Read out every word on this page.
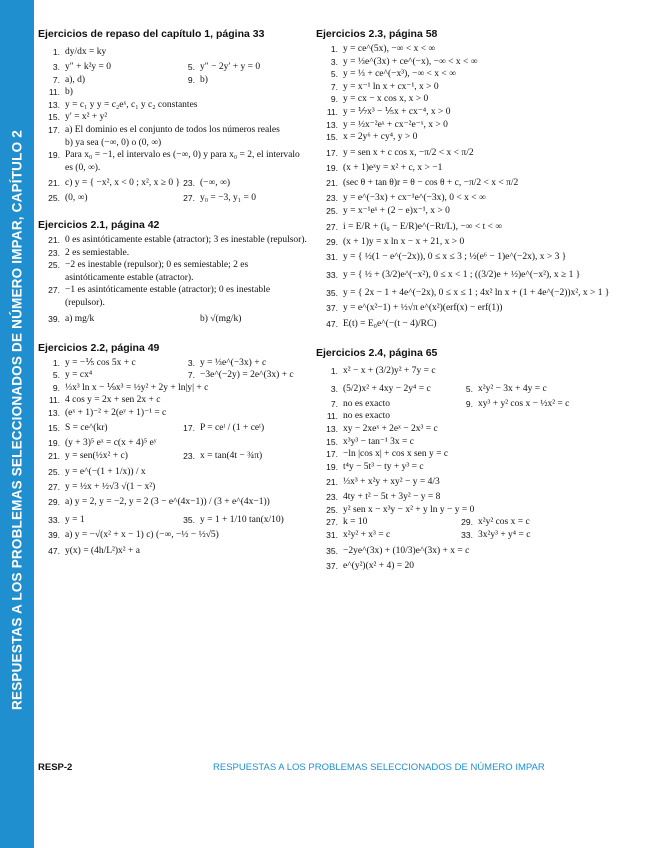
RESPUESTAS A LOS PROBLEMAS SELECCIONADOS DE NÚMERO IMPAR, CAPÍTULO 2
Ejercicios de repaso del capítulo 1, página 33
1. dy/dx = ky
3. y″ + k²y = 0	5. y″ − 2y′ + y = 0
7. a), d)	9. b)
11. b)
13. y = c₁ y y = c₂eˣ, c₁ y c₂ constantes
15. y′ = x² + y²
17. a) El dominio es el conjunto de todos los números reales
b) ya sea (−∞, 0) o (0, ∞)
19. Para x₀ = −1, el intervalo es (−∞, 0) y para x₀ = 2, el intervalo es (0, ∞).
21. c) y = { −x², x < 0 ; x², x ≥ 0 } 23. (−∞, ∞)
25. (0, ∞)	27. y₀ = −3, y₁ = 0
Ejercicios 2.1, página 42
21. 0 es asintóticamente estable (atractor); 3 es inestable (repulsor).
23. 2 es semiestable.
25. −2 es inestable (repulsor); 0 es semiestable; 2 es asintóticamente estable (atractor).
27. −1 es asintóticamente estable (atractor); 0 es inestable (repulsor).
39. a) mg/k	b) √(mg/k)
Ejercicios 2.2, página 49
1. y = −⅕ cos 5x + c	3. y = ⅓e^(−3x) + c
5. y = cx⁴	7. −3e^(−2y) = 2e^(3x) + c
9. ⅓x³ ln x − ⅑x³ = ½y² + 2y + ln|y| + c
11. 4 cos y = 2x + sen 2x + c
13. (eˣ + 1)⁻² + 2(eʸ + 1)⁻¹ = c
15. S = ce^(kr)	17. P = ceᵗ / (1 + ceᵗ)
19. (y + 3)⁵ eˣ = c(x + 4)⁵ eʸ
21. y = sen(½x² + c)	23. x = tan(4t − ¾π)
25. y = e^(−(1 + 1/x)) / x
27. y = ½x + ½√3 √(1 − x²)
29. a) y = 2, y = −2, y = 2 (3 − e^(4x−1)) / (3 + e^(4x−1))
33. y = 1	35. y = 1 + 1/10 tan(x/10)
39. a) y = −√(x² + x − 1) c) (−∞, −½ − ½√5)
47. y(x) = (4h/L²)x² + a
Ejercicios 2.3, página 58
1. y = ce^(5x), −∞ < x < ∞
3. y = ⅓e^(3x) + ce^(−x), −∞ < x < ∞
5. y = ⅓ + ce^(−x³), −∞ < x < ∞
7. y = x⁻¹ ln x + cx⁻¹, x > 0
9. y = cx − x cos x, x > 0
11. y = ⅐x³ − ⅕x + cx⁻⁴, x > 0
13. y = ½x⁻²eˣ + cx⁻²e⁻ˣ, x > 0
15. x = 2y⁶ + cy⁴, y > 0
17. y = sen x + c cos x, −π/2 < x < π/2
19. (x + 1)eˣy = x² + c, x > −1
21. (sec θ + tan θ)r = θ − cos θ + c, −π/2 < x < π/2
23. y = e^(−3x) + cx⁻¹e^(−3x), 0 < x < ∞
25. y = x⁻¹eˣ + (2 − e)x⁻¹, x > 0
27. i = E/R + (i₀ − E/R)e^(−Rt/L), −∞ < t < ∞
29. (x + 1)y = x ln x − x + 21, x > 0
31. y = { ½(1 − e^(−2x)), 0 ≤ x ≤ 3 ; ½(e⁶ − 1)e^(−2x), x > 3 }
33. y = { ½ + (3/2)e^(−x²), 0 ≤ x < 1 ; ((3/2)e + ½)e^(−x²), x ≥ 1 }
35. y = { 2x − 1 + 4e^(−2x), 0 ≤ x ≤ 1 ; 4x² ln x + (1 + 4e^(−2))x², x > 1 }
37. y = e^(x²−1) + ½√π e^(x²)(erf(x) − erf(1))
47. E(t) = E₀e^(−(t − 4)/RC)
Ejercicios 2.4, página 65
1. x² − x + (3/2)y² + 7y = c
3. (5/2)x² + 4xy − 2y⁴ = c	5. x²y² − 3x + 4y = c
7. no es exacto	9. xy³ + y² cos x − ½x² = c
11. no es exacto
13. xy − 2xeˣ + 2eˣ − 2x³ = c
15. x³y³ − tan⁻¹ 3x = c
17. −ln |cos x| + cos x sen y = c
19. t⁴y − 5t³ − ty + y³ = c
21. ⅓x³ + x²y + xy² − y = 4/3
23. 4ty + t² − 5t + 3y² − y = 8
25. y² sen x − x³y − x² + y ln y − y = 0
27. k = 10	29. x²y² cos x = c
31. x²y² + x³ = c	33. 3x²y³ + y⁴ = c
35. −2ye^(3x) + (10/3)e^(3x) + x = c
37. e^(y²)(x² + 4) = 20
RESP-2	RESPUESTAS A LOS PROBLEMAS SELECCIONADOS DE NÚMERO IMPAR
